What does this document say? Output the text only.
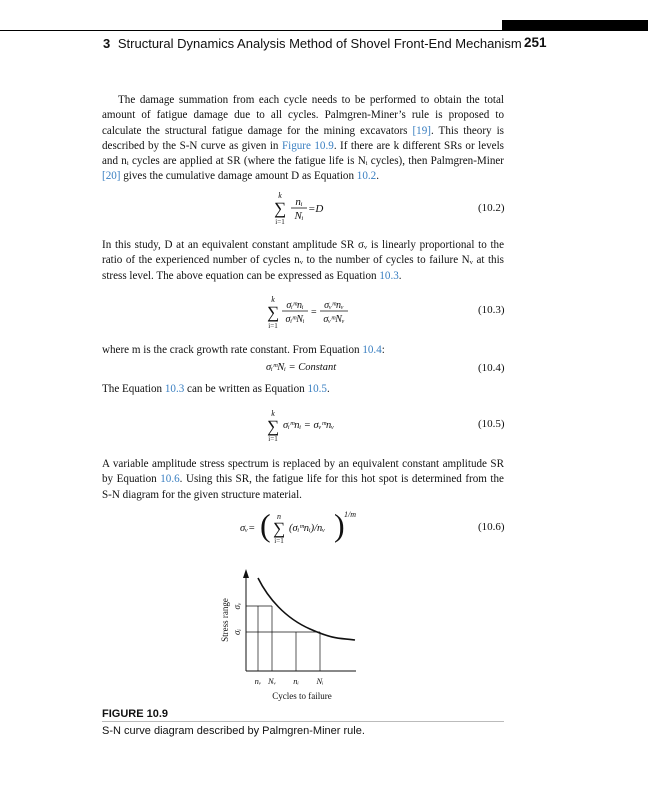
3 Structural Dynamics Analysis Method of Shovel Front-End Mechanism 251

The damage summation from each cycle needs to be performed to obtain the total amount of fatigue damage due to all cycles. Palmgren-Miner’s rule is proposed to calculate the structural fatigue damage for the mining excavators [19]. This theory is described by the S-N curve as given in Figure 10.9. If there are k different SRs or levels and nᵢ cycles are applied at SR (where the fatigue life is Nᵢ cycles), then Palmgren-Miner [20] gives the cumulative damage amount D as Equation 10.2.

k
∑
i=1
nᵢ
Nᵢ
=D	(10.2)

In this study, D at an equivalent constant amplitude SR σᵥ is linearly proportional to the ratio of the experienced number of cycles nᵥ to the number of cycles to failure Nᵥ at this stress level. The above equation can be expressed as Equation 10.3.

k
∑
i=1
σᵢᵐnᵢ
σᵢᵐNᵢ
=
σᵥᵐnᵥ
σᵥᵐNᵥ
(10.3)

where m is the crack growth rate constant. From Equation 10.4:

σᵢᵐNᵢ = Constant	(10.4)

The Equation 10.3 can be written as Equation 10.5.

k
∑
i=1
σᵢᵐnᵢ = σᵥᵐnᵥ	(10.5)

A variable amplitude stress spectrum is replaced by an equivalent constant amplitude SR by Equation 10.6. Using this SR, the fatigue life for this hot spot is determined from the S-N diagram for the given structure material.

σᵥ= ( n
∑
i=1
(σᵢᵐnᵢ)/nᵥ ) 1/m
(10.6)
σᵥ
σᵢ
Stress range
nᵥ Nᵥ nᵢ Nᵢ
Cycles to failure
FIGURE 10.9
S-N curve diagram described by Palmgren-Miner rule.
